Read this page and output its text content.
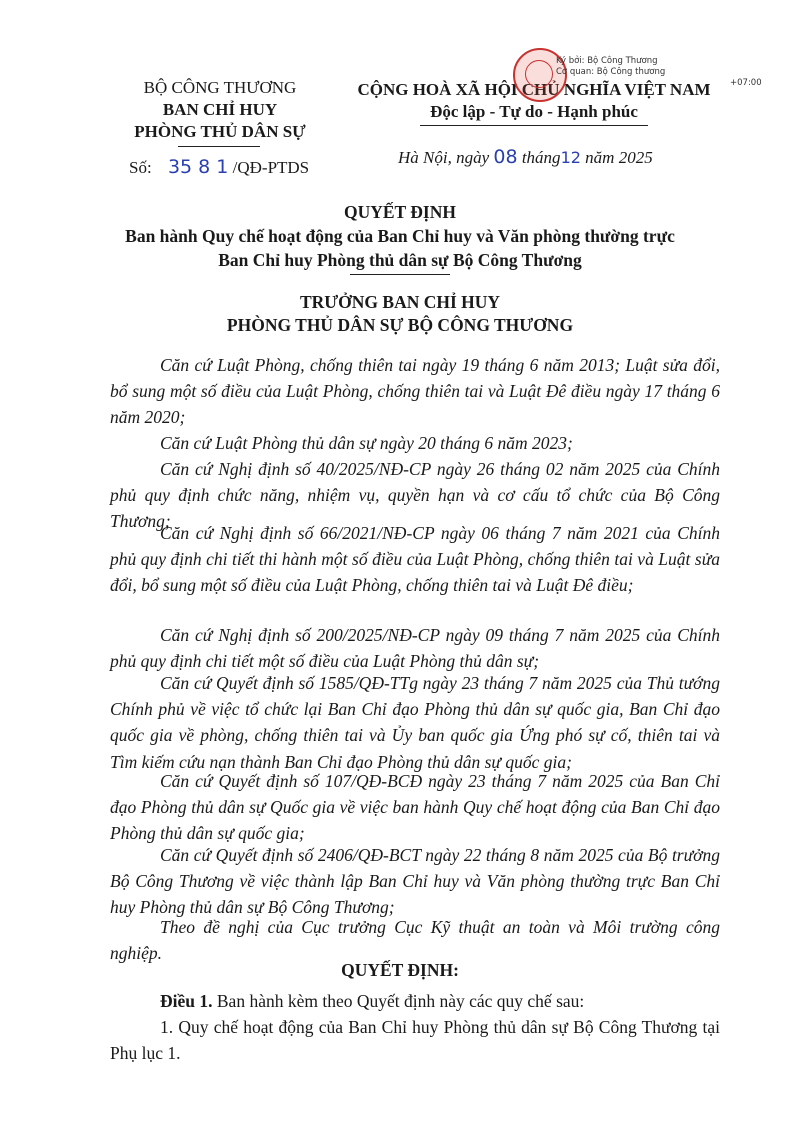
BỘ CÔNG THƯƠNG
BAN CHỈ HUY
PHÒNG THỦ DÂN SỰ
Số: 35 8 1 /QĐ-PTDS
CỘNG HOÀ XÃ HỘI CHỦ NGHĨA VIỆT NAM
Độc lập - Tự do - Hạnh phúc
Hà Nội, ngày 08 tháng12 năm 2025
Ký bởi: Bộ Công Thương
Cơ quan: Bộ Công thương
+07:00
QUYẾT ĐỊNH
Ban hành Quy chế hoạt động của Ban Chỉ huy và Văn phòng thường trực
Ban Chỉ huy Phòng thủ dân sự Bộ Công Thương
TRƯỞNG BAN CHỈ HUY
PHÒNG THỦ DÂN SỰ BỘ CÔNG THƯƠNG
Căn cứ Luật Phòng, chống thiên tai ngày 19 tháng 6 năm 2013; Luật sửa đổi, bổ sung một số điều của Luật Phòng, chống thiên tai và Luật Đê điều ngày 17 tháng 6 năm 2020;
Căn cứ Luật Phòng thủ dân sự ngày 20 tháng 6 năm 2023;
Căn cứ Nghị định số 40/2025/NĐ-CP ngày 26 tháng 02 năm 2025 của Chính phủ quy định chức năng, nhiệm vụ, quyền hạn và cơ cấu tổ chức của Bộ Công Thương;
Căn cứ Nghị định số 66/2021/NĐ-CP ngày 06 tháng 7 năm 2021 của Chính phủ quy định chi tiết thi hành một số điều của Luật Phòng, chống thiên tai và Luật sửa đổi, bổ sung một số điều của Luật Phòng, chống thiên tai và Luật Đê điều;
Căn cứ Nghị định số 200/2025/NĐ-CP ngày 09 tháng 7 năm 2025 của Chính phủ quy định chi tiết một số điều của Luật Phòng thủ dân sự;
Căn cứ Quyết định số 1585/QĐ-TTg ngày 23 tháng 7 năm 2025 của Thủ tướng Chính phủ về việc tổ chức lại Ban Chỉ đạo Phòng thủ dân sự quốc gia, Ban Chỉ đạo quốc gia về phòng, chống thiên tai và Ủy ban quốc gia Ứng phó sự cố, thiên tai và Tìm kiếm cứu nạn thành Ban Chỉ đạo Phòng thủ dân sự quốc gia;
Căn cứ Quyết định số 107/QĐ-BCĐ ngày 23 tháng 7 năm 2025 của Ban Chỉ đạo Phòng thủ dân sự Quốc gia về việc ban hành Quy chế hoạt động của Ban Chỉ đạo Phòng thủ dân sự quốc gia;
Căn cứ Quyết định số 2406/QĐ-BCT ngày 22 tháng 8 năm 2025 của Bộ trưởng Bộ Công Thương về việc thành lập Ban Chỉ huy và Văn phòng thường trực Ban Chỉ huy Phòng thủ dân sự Bộ Công Thương;
Theo đề nghị của Cục trưởng Cục Kỹ thuật an toàn và Môi trường công nghiệp.
QUYẾT ĐỊNH:
Điều 1. Ban hành kèm theo Quyết định này các quy chế sau:
1. Quy chế hoạt động của Ban Chỉ huy Phòng thủ dân sự Bộ Công Thương tại Phụ lục 1.
